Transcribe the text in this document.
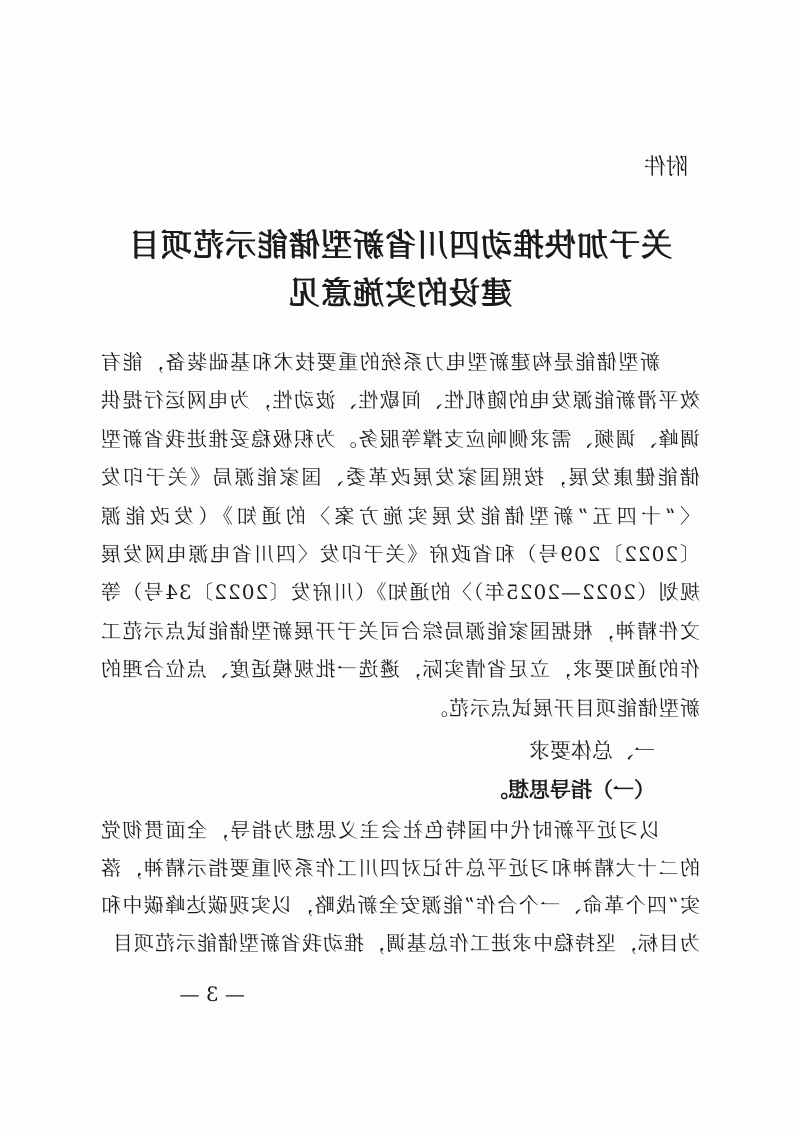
附件
关于加快推动四川省新型储能示范项目
建设的实施意见

新型储能是构建新型电力系统的重要技术和基础装备，能有效平滑新能源发电的随机性、间歇性、波动性，为电网运行提供调峰、调频、需求侧响应支撑等服务。为积极稳妥推进我省新型储能健康发展，按照国家发展改革委、国家能源局《关于印发〈“十四五”新型储能发展实施方案〉的通知》（发改能源〔2022〕209号）和省政府《关于印发〈四川省电源电网发展规划（2022—2025年）〉的通知》（川府发〔2022〕34号）等文件精神，根据国家能源局综合司关于开展新型储能试点示范工作的通知要求，立足省情实际，遴选一批规模适度、点位合理的新型储能项目开展试点示范。

一、总体要求
（一）指导思想。

以习近平新时代中国特色社会主义思想为指导，全面贯彻党的二十大精神和习近平总书记对四川工作系列重要指示精神，落实“四个革命、一个合作”能源安全新战略，以实现碳达峰碳中和为目标，坚持稳中求进工作总基调，推动我省新型储能示范项目

— 3 —
